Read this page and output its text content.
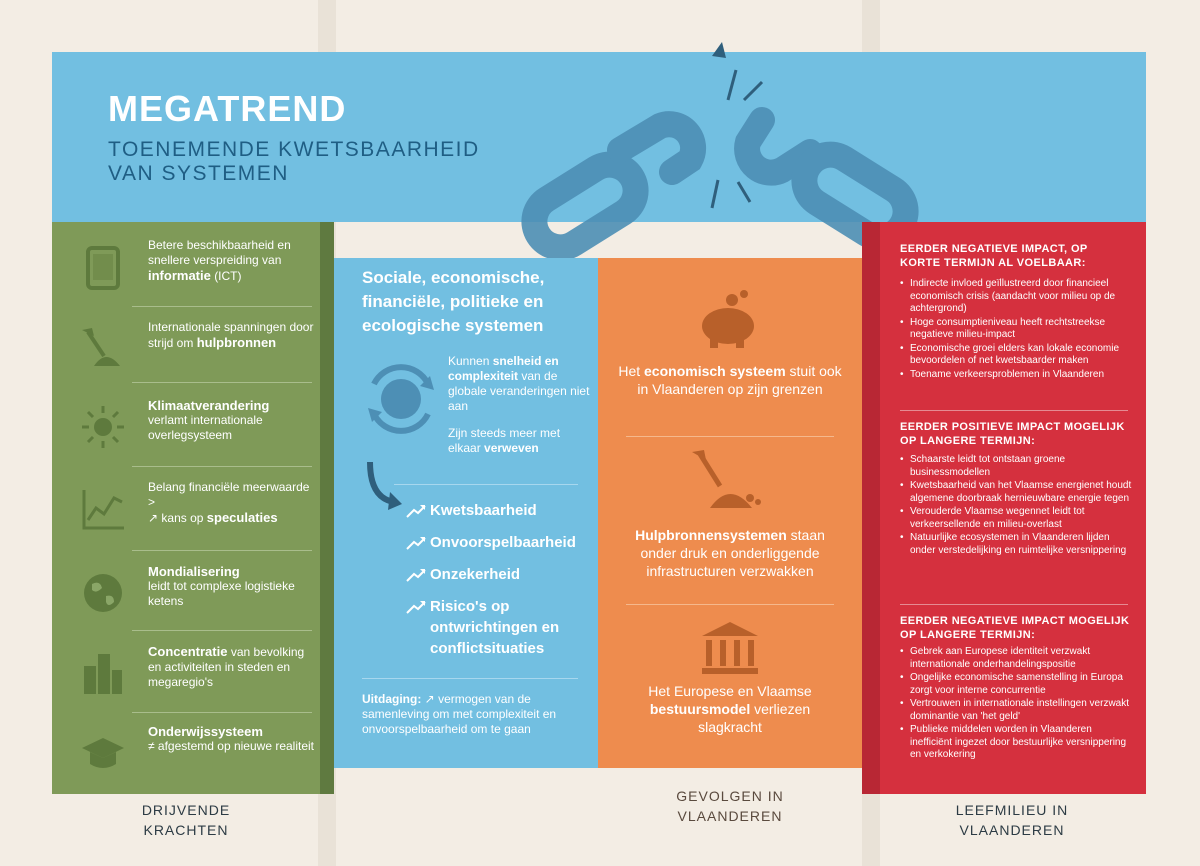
MEGATREND
TOENEMENDE KWETSBAARHEID
VAN SYSTEMEN
Betere beschikbaarheid en snellere verspreiding van informatie (ICT)
Internationale spanningen door strijd om hulpbronnen
Klimaatverandering
verlamt internationale overlegsysteem
Belang financiële meerwaarde >
↗ kans op speculaties
Mondialisering
leidt tot complexe logistieke ketens
Concentratie van bevolking en activiteiten in steden en megaregio's
Onderwijssysteem
≠ afgestemd op nieuwe realiteit
Sociale, economische, financiële, politieke en ecologische systemen
Kunnen snelheid en complexiteit van de globale veranderingen niet aan
Zijn steeds meer met elkaar verweven
Kwetsbaarheid
Onvoorspelbaarheid
Onzekerheid
Risico's op ontwrichtingen en conflictsituaties
Uitdaging: ↗ vermogen van de samenleving om met complexiteit en onvoorspelbaarheid om te gaan
Het economisch systeem stuit ook in Vlaanderen op zijn grenzen
Hulpbronnensystemen staan onder druk en onderliggende infrastructuren verzwakken
Het Europese en Vlaamse bestuursmodel verliezen slagkracht
EERDER NEGATIEVE IMPACT, OP KORTE TERMIJN AL VOELBAAR:
• Indirecte invloed geïllustreerd door financieel economisch crisis (aandacht voor milieu op de achtergrond)
• Hoge consumptieniveau heeft rechtstreekse negatieve milieu-impact
• Economische groei elders kan lokale economie bevoordelen of net kwetsbaarder maken
• Toename verkeersproblemen in Vlaanderen
EERDER POSITIEVE IMPACT MOGELIJK OP LANGERE TERMIJN:
• Schaarste leidt tot ontstaan groene businessmodellen
• Kwetsbaarheid van het Vlaamse energienet houdt algemene doorbraak hernieuwbare energie tegen
• Verouderde Vlaamse wegennet leidt tot verkeersellende en milieu-overlast
• Natuurlijke ecosystemen in Vlaanderen lijden onder verstedelijking en ruimtelijke versnippering
EERDER NEGATIEVE IMPACT MOGELIJK OP LANGERE TERMIJN:
• Gebrek aan Europese identiteit verzwakt internationale onderhandelingspositie
• Ongelijke economische samenstelling in Europa zorgt voor interne concurrentie
• Vertrouwen in internationale instellingen verzwakt dominantie van 'het geld'
• Publieke middelen worden in Vlaanderen inefficiënt ingezet door bestuurlijke versnippering en verkokering
DRIJVENDE
KRACHTEN
GEVOLGEN IN
VLAANDEREN	LEEFMILIEU IN
VLAANDEREN
